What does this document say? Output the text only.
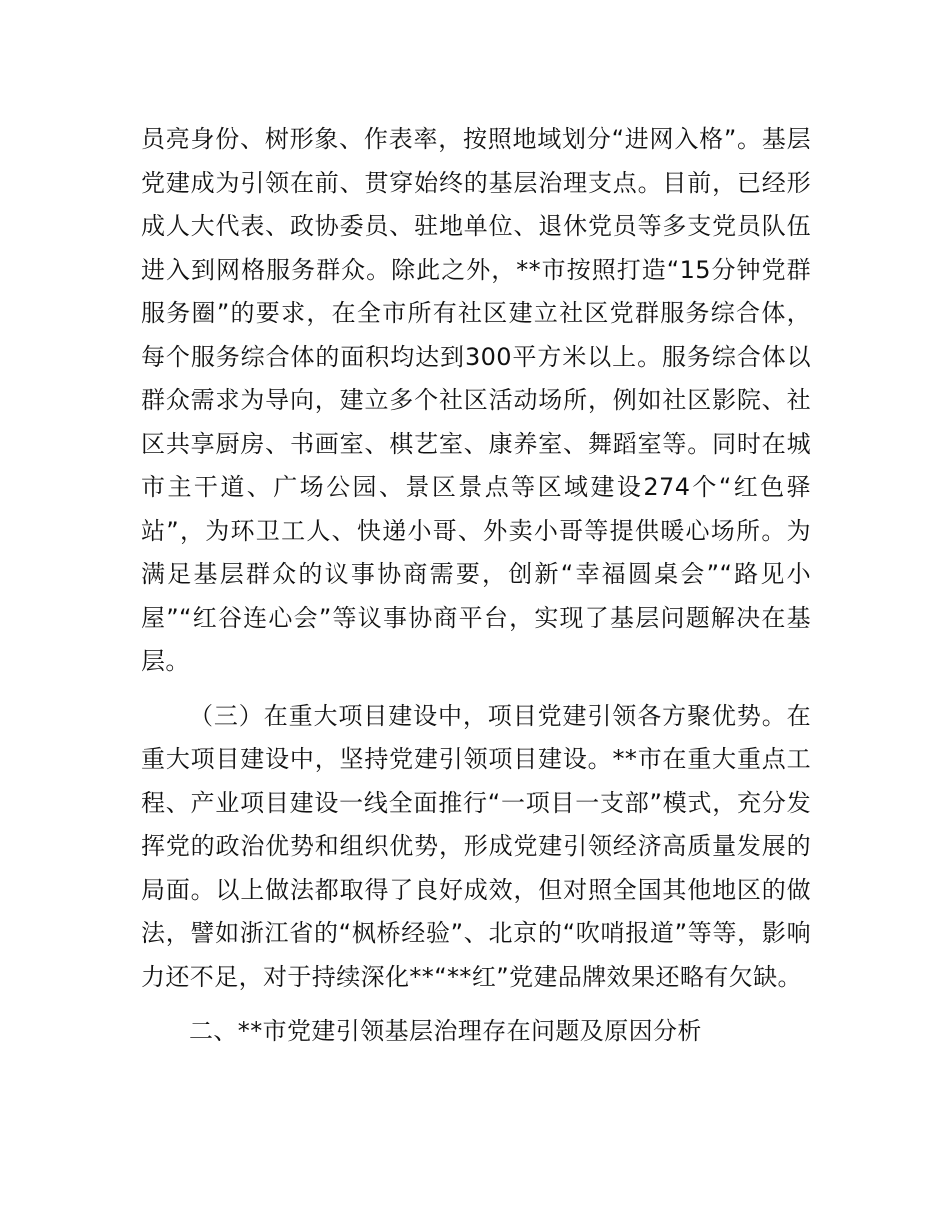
员亮身份、树形象、作表率，按照地域划分“进网入格”。基层党建成为引领在前、贯穿始终的基层治理支点。目前，已经形成人大代表、政协委员、驻地单位、退休党员等多支党员队伍进入到网格服务群众。除此之外，**市按照打造“15分钟党群服务圈”的要求，在全市所有社区建立社区党群服务综合体，每个服务综合体的面积均达到300平方米以上。服务综合体以群众需求为导向，建立多个社区活动场所，例如社区影院、社区共享厨房、书画室、棋艺室、康养室、舞蹈室等。同时在城市主干道、广场公园、景区景点等区域建设274个“红色驿站”，为环卫工人、快递小哥、外卖小哥等提供暖心场所。为满足基层群众的议事协商需要，创新“幸福圆桌会”“路见小屋”“红谷连心会”等议事协商平台，实现了基层问题解决在基层。

（三）在重大项目建设中，项目党建引领各方聚优势。在重大项目建设中，坚持党建引领项目建设。**市在重大重点工程、产业项目建设一线全面推行“一项目一支部”模式，充分发挥党的政治优势和组织优势，形成党建引领经济高质量发展的局面。以上做法都取得了良好成效，但对照全国其他地区的做法，譬如浙江省的“枫桥经验”、北京的“吹哨报道”等等，影响力还不足，对于持续深化**“**红”党建品牌效果还略有欠缺。

二、**市党建引领基层治理存在问题及原因分析
